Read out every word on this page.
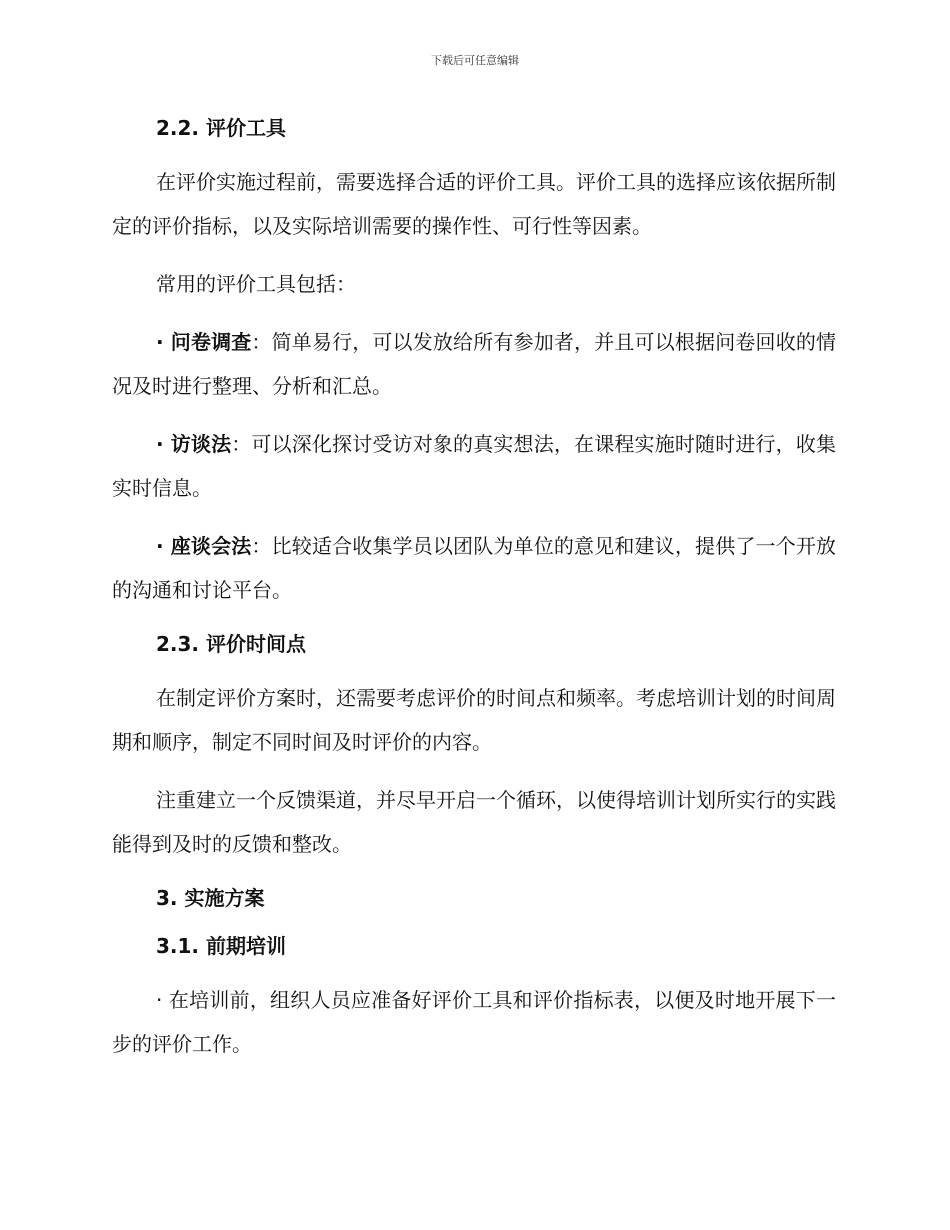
下载后可任意编辑
2.2. 评价工具

在评价实施过程前，需要选择合适的评价工具。评价工具的选择应该依据所制定的评价指标，以及实际培训需要的操作性、可行性等因素。

常用的评价工具包括：

· 问卷调查：简单易行，可以发放给所有参加者，并且可以根据问卷回收的情况及时进行整理、分析和汇总。

· 访谈法：可以深化探讨受访对象的真实想法，在课程实施时随时进行，收集实时信息。

· 座谈会法：比较适合收集学员以团队为单位的意见和建议，提供了一个开放的沟通和讨论平台。

2.3. 评价时间点

在制定评价方案时，还需要考虑评价的时间点和频率。考虑培训计划的时间周期和顺序，制定不同时间及时评价的内容。

注重建立一个反馈渠道，并尽早开启一个循环，以使得培训计划所实行的实践能得到及时的反馈和整改。

3. 实施方案
3.1. 前期培训

· 在培训前，组织人员应准备好评价工具和评价指标表，以便及时地开展下一步的评价工作。
